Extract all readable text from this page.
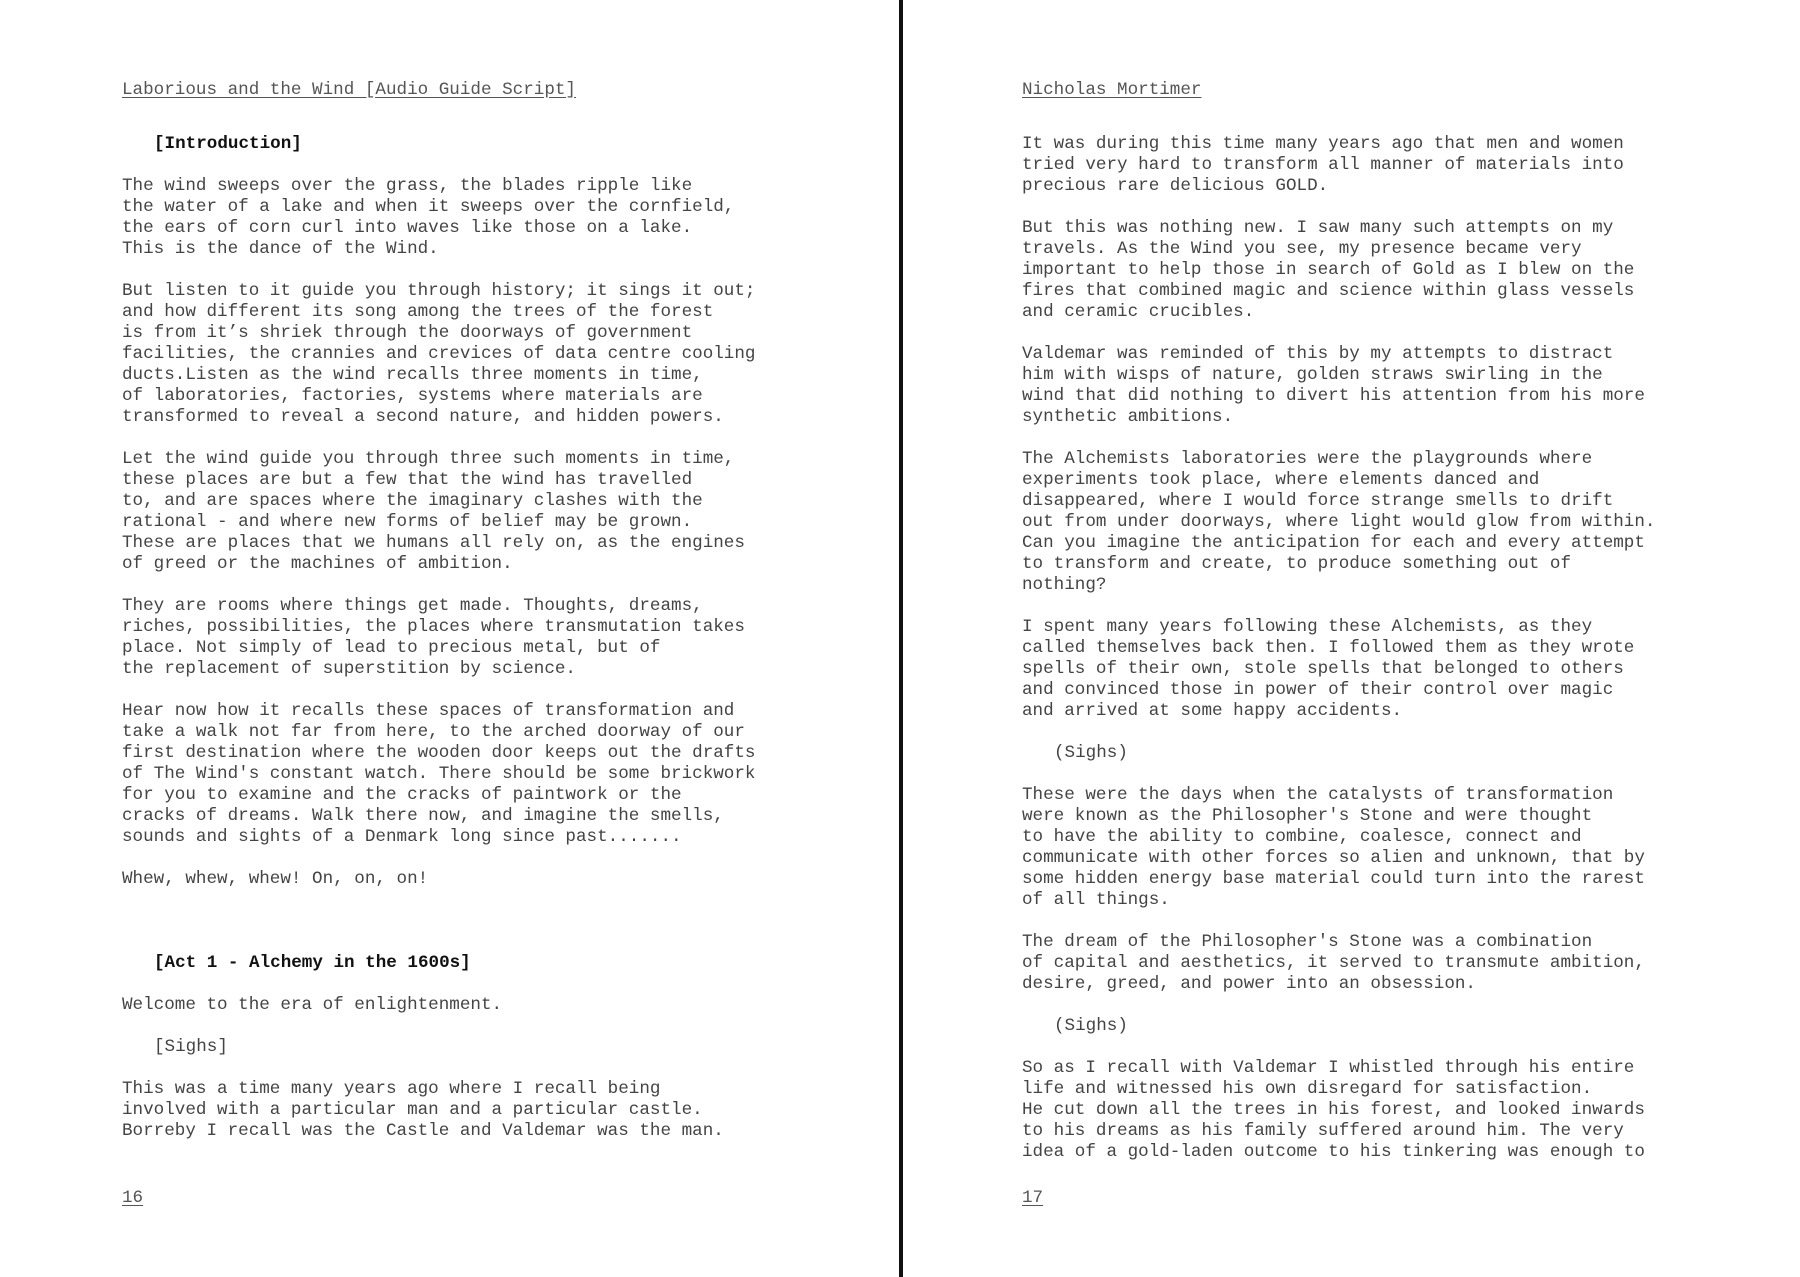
Laborious and the Wind [Audio Guide Script]
[Introduction]

The wind sweeps over the grass, the blades ripple like
the water of a lake and when it sweeps over the cornfield,
the ears of corn curl into waves like those on a lake.
This is the dance of the Wind.

But listen to it guide you through history; it sings it out;
and how different its song among the trees of the forest
is from it’s shriek through the doorways of government
facilities, the crannies and crevices of data centre cooling
ducts.Listen as the wind recalls three moments in time,
of laboratories, factories, systems where materials are
transformed to reveal a second nature, and hidden powers.

Let the wind guide you through three such moments in time,
these places are but a few that the wind has travelled
to, and are spaces where the imaginary clashes with the
rational - and where new forms of belief may be grown.
These are places that we humans all rely on, as the engines
of greed or the machines of ambition.

They are rooms where things get made. Thoughts, dreams,
riches, possibilities, the places where transmutation takes
place. Not simply of lead to precious metal, but of
the replacement of superstition by science.

Hear now how it recalls these spaces of transformation and
take a walk not far from here, to the arched doorway of our
first destination where the wooden door keeps out the drafts
of The Wind's constant watch. There should be some brickwork
for you to examine and the cracks of paintwork or the
cracks of dreams. Walk there now, and imagine the smells,
sounds and sights of a Denmark long since past.......

Whew, whew, whew! On, on, on!

[Act 1 - Alchemy in the 1600s]

Welcome to the era of enlightenment.

[Sighs]

This was a time many years ago where I recall being
involved with a particular man and a particular castle.
Borreby I recall was the Castle and Valdemar was the man.

16
Nicholas Mortimer

It was during this time many years ago that men and women
tried very hard to transform all manner of materials into
precious rare delicious GOLD.

But this was nothing new. I saw many such attempts on my
travels. As the Wind you see, my presence became very
important to help those in search of Gold as I blew on the
fires that combined magic and science within glass vessels
and ceramic crucibles.

Valdemar was reminded of this by my attempts to distract
him with wisps of nature, golden straws swirling in the
wind that did nothing to divert his attention from his more
synthetic ambitions.

The Alchemists laboratories were the playgrounds where
experiments took place, where elements danced and
disappeared, where I would force strange smells to drift
out from under doorways, where light would glow from within.
Can you imagine the anticipation for each and every attempt
to transform and create, to produce something out of
nothing?

I spent many years following these Alchemists, as they
called themselves back then. I followed them as they wrote
spells of their own, stole spells that belonged to others
and convinced those in power of their control over magic
and arrived at some happy accidents.

(Sighs)

These were the days when the catalysts of transformation
were known as the Philosopher's Stone and were thought
to have the ability to combine, coalesce, connect and
communicate with other forces so alien and unknown, that by
some hidden energy base material could turn into the rarest
of all things.

The dream of the Philosopher's Stone was a combination
of capital and aesthetics, it served to transmute ambition,
desire, greed, and power into an obsession.

(Sighs)

So as I recall with Valdemar I whistled through his entire
life and witnessed his own disregard for satisfaction.
He cut down all the trees in his forest, and looked inwards
to his dreams as his family suffered around him. The very
idea of a gold-laden outcome to his tinkering was enough to

17
